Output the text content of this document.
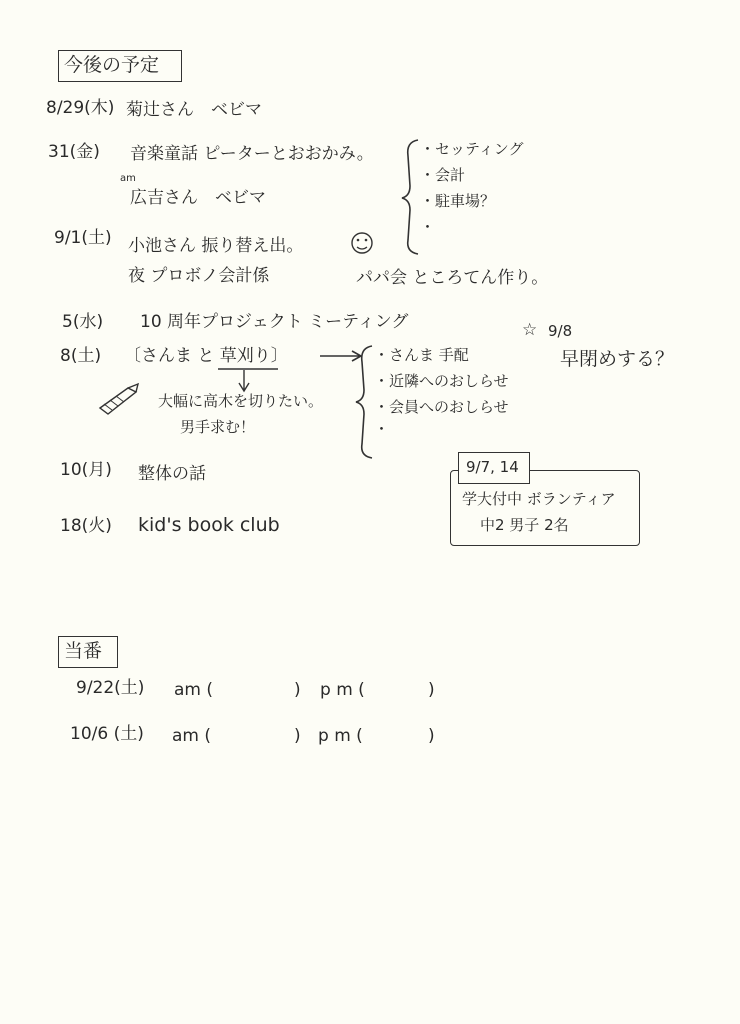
今後の予定
8/29(木) 菊辻さん　ベビマ
31(金) 音楽童話 ピーターとおおかみ。
am
広吉さん　ベビマ
9/1(土) 小池さん 振り替え出。
夜 プロボノ会計係	パパ会 ところてん作り。
5(水) 10 周年プロジェクト ミーティング
8(土) 〔さんま と 草刈り〕
大幅に高木を切りたい。
男手求む！
10(月) 整体の話
18(火) kid's book club
・セッティング
・会計
・駐車場？
・
・さんま 手配
・近隣へのおしらせ
・会員へのおしらせ
・
☆ 9/8
早閉めする？
9/7, 14
学大付中 ボランティア
中2 男子 2名
当番
9/22(土) am (	) p m (	)
10/6 (土) am (	) p m (	)
